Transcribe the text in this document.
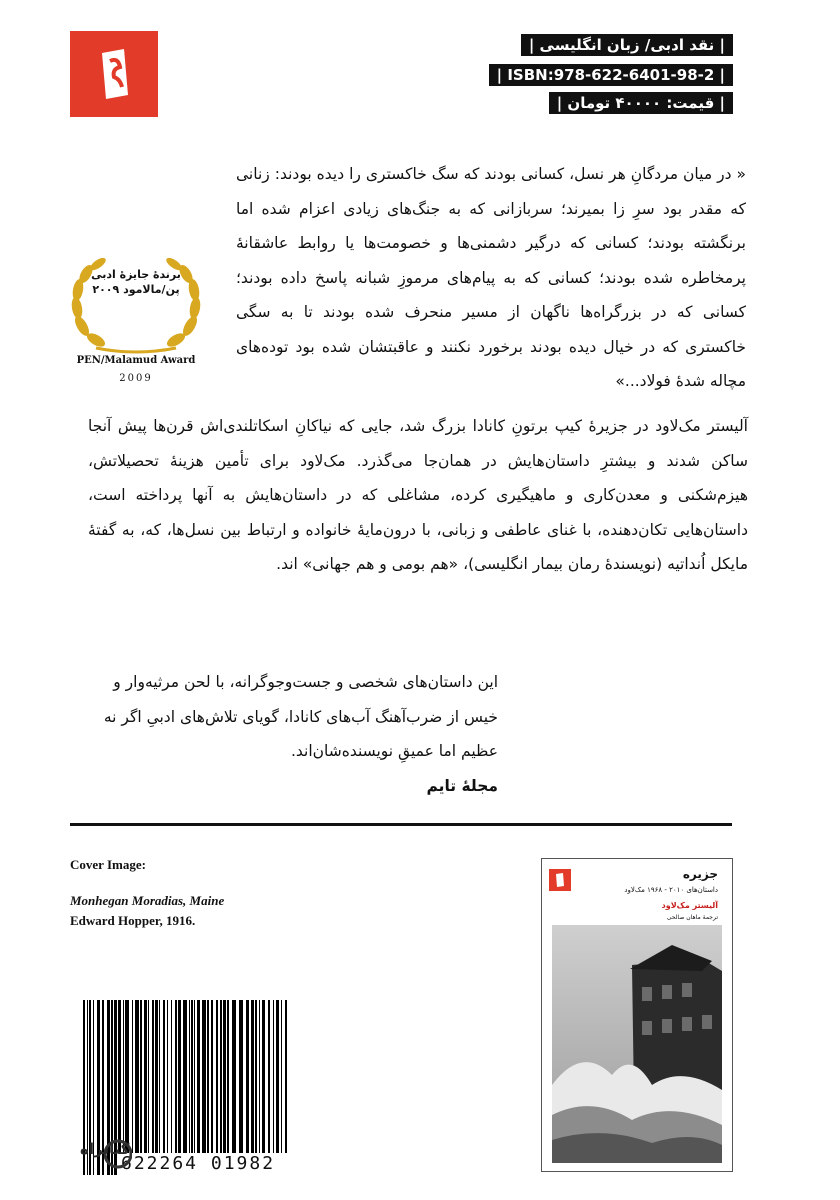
| نقد ادبی/ زبان انگلیسی |
| ISBN:978-622-6401-98-2 |
| قیمت: ۴۰۰۰۰ تومان |
برندهٔ جایزهٔ ادبی پن/مالامود ۲۰۰۹
PEN/Malamud Award
2009
« در میان مردگانِ هر نسل، کسانی بودند که سگ خاکستری را دیده بودند: زنانی که مقدر بود سرِ زا بمیرند؛ سربازانی که به جنگ‌های زیادی اعزام شده اما برنگشته بودند؛ کسانی که درگیر دشمنی‌ها و خصومت‌ها یا روابط عاشقانهٔ پرمخاطره شده بودند؛ کسانی که به پیام‌های مرموزِ شبانه پاسخ داده بودند؛ کسانی که در بزرگراه‌ها ناگهان از مسیر منحرف شده بودند تا به سگی خاکستری که در خیال دیده بودند برخورد نکنند و عاقبتشان شده بود توده‌های مچاله شدهٔ فولاد...»
آلیستر مک‌لاود در جزیرهٔ کیپ برتونِ کانادا بزرگ شد، جایی که نیاکانِ اسکاتلندی‌اش قرن‌ها پیش آنجا ساکن شدند و بیشترِ داستان‌هایش در همان‌جا می‌گذرد. مک‌لاود برای تأمین هزینهٔ تحصیلاتش، هیزم‌شکنی و معدن‌کاری و ماهیگیری کرده، مشاغلی که در داستان‌هایش به آنها پرداخته است، داستان‌هایی تکان‌دهنده، با غنای عاطفی و زبانی، با درون‌مایهٔ خانواده و ارتباط بین نسل‌ها، که، به گفتهٔ مایکل اُنداتیه (نویسندهٔ رمان بیمار انگلیسی)، «هم بومی و هم جهانی» اند.

این داستان‌های شخصی و جست‌وجوگرانه، با لحن مرثیه‌وار و خیس از ضرب‌آهنگ آب‌های کانادا، گویای تلاش‌های ادبیِ اگر نه عظیم اما عمیقِ نویسنده‌شان‌اند.

مجلهٔ تایم

Cover Image:
Monhegan Moradias, Maine
Edward Hopper, 1916.
622264 01982
کتابراه
جزیره
داستان‌های ۲۰۱۰ - ۱۹۶۸ مک‌لاود
آلیستر مک‌لاود
ترجمهٔ ماهان صالحی
